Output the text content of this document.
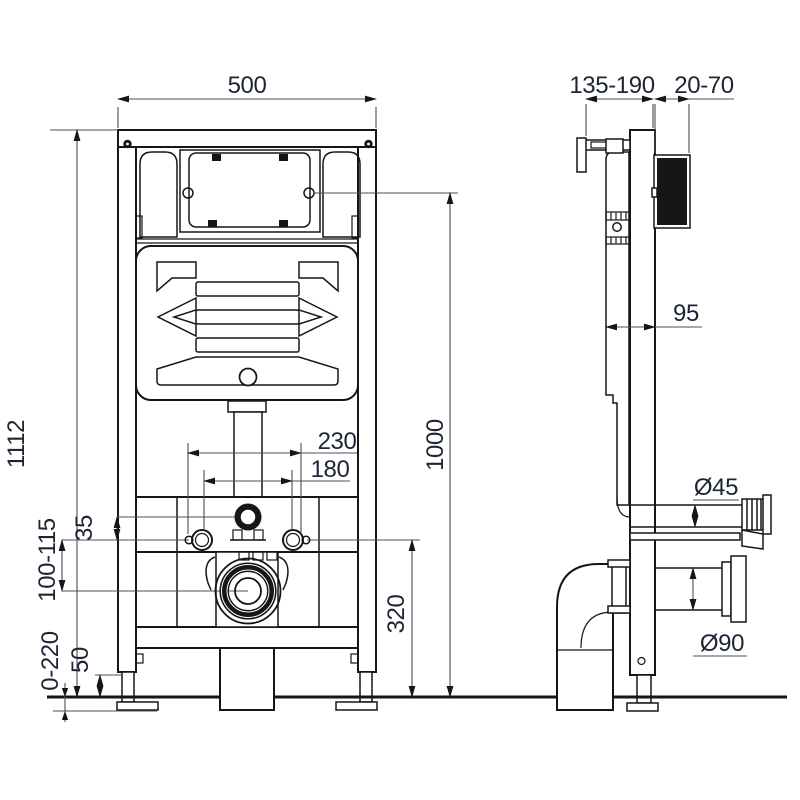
500
1112	1000
320
230
180
35
100-115
0-220 50
135-190 20-70
95
Ø45
Ø90
